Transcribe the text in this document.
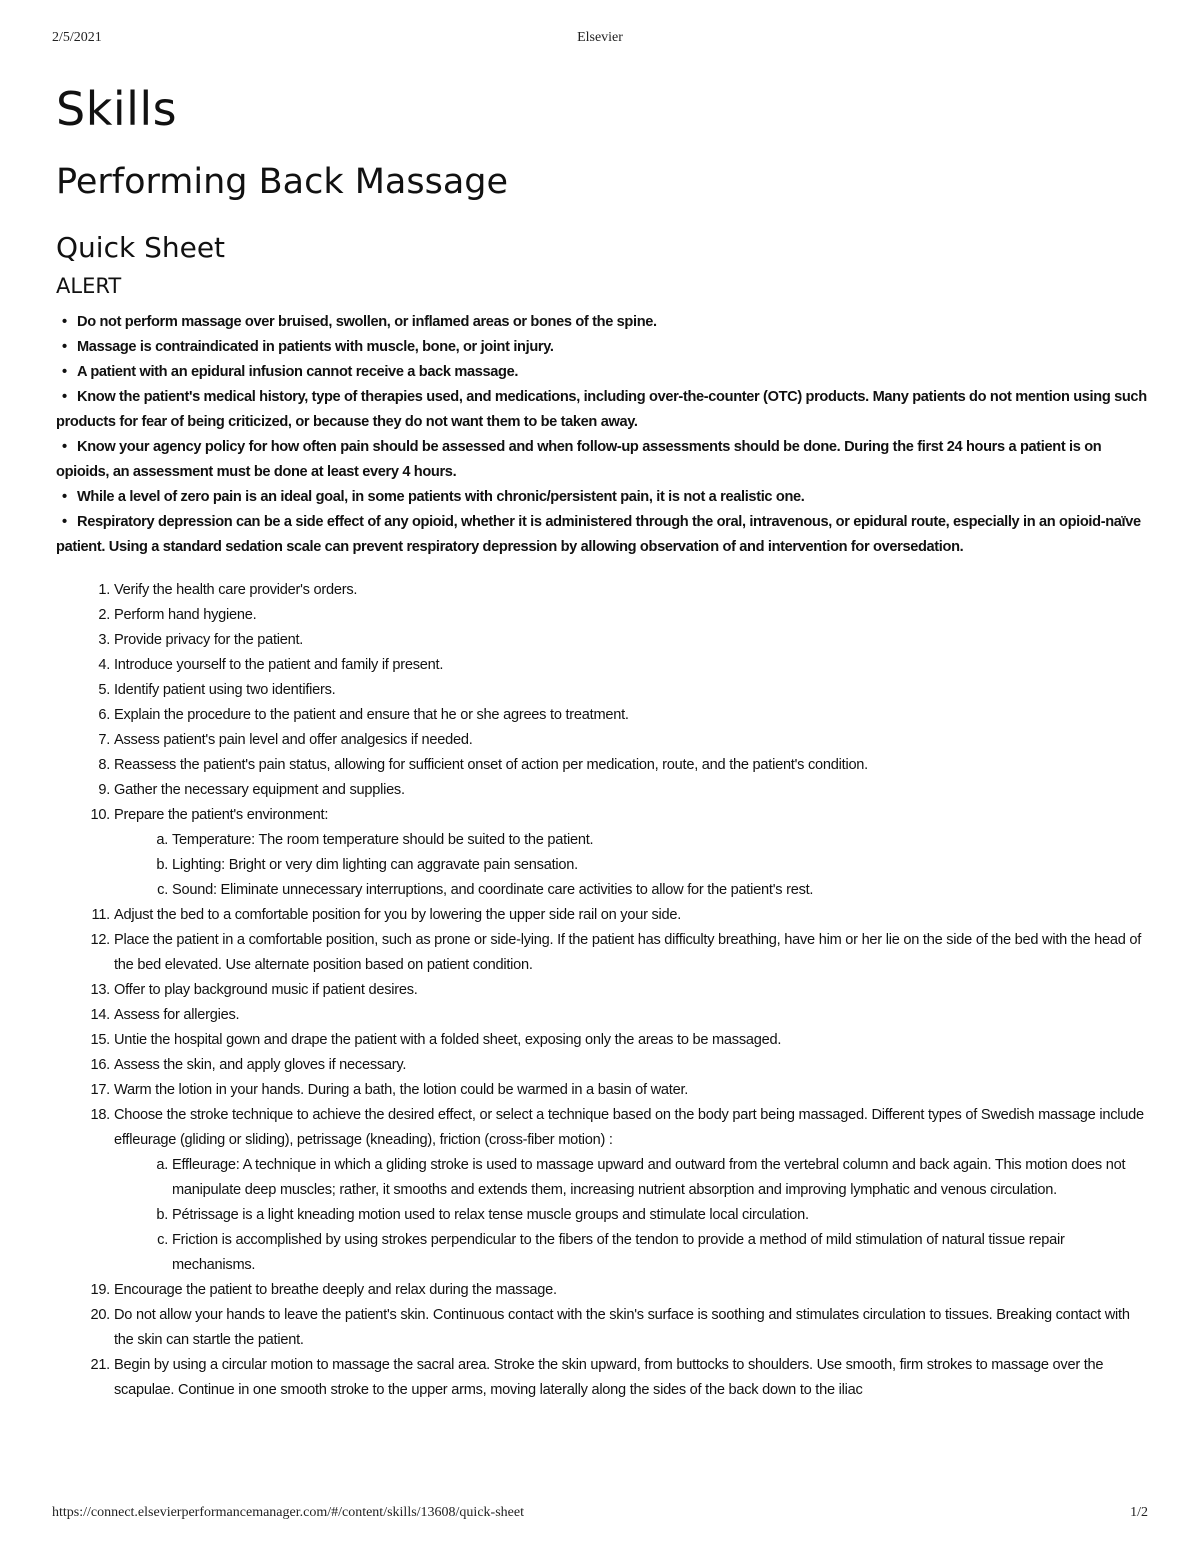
2/5/2021	Elsevier
Skills
Performing Back Massage
Quick Sheet
ALERT
• Do not perform massage over bruised, swollen, or inflamed areas or bones of the spine.
• Massage is contraindicated in patients with muscle, bone, or joint injury.
• A patient with an epidural infusion cannot receive a back massage.
• Know the patient's medical history, type of therapies used, and medications, including over-the-counter (OTC) products. Many patients do not mention using such products for fear of being criticized, or because they do not want them to be taken away.
• Know your agency policy for how often pain should be assessed and when follow-up assessments should be done. During the first 24 hours a patient is on opioids, an assessment must be done at least every 4 hours.
• While a level of zero pain is an ideal goal, in some patients with chronic/persistent pain, it is not a realistic one.
• Respiratory depression can be a side effect of any opioid, whether it is administered through the oral, intravenous, or epidural route, especially in an opioid-naïve patient. Using a standard sedation scale can prevent respiratory depression by allowing observation of and intervention for oversedation.
1. Verify the health care provider's orders.
2. Perform hand hygiene.
3. Provide privacy for the patient.
4. Introduce yourself to the patient and family if present.
5. Identify patient using two identifiers.
6. Explain the procedure to the patient and ensure that he or she agrees to treatment.
7. Assess patient's pain level and offer analgesics if needed.
8. Reassess the patient's pain status, allowing for sufficient onset of action per medication, route, and the patient's condition.
9. Gather the necessary equipment and supplies.
10. Prepare the patient's environment:
a. Temperature: The room temperature should be suited to the patient.
b. Lighting: Bright or very dim lighting can aggravate pain sensation.
c. Sound: Eliminate unnecessary interruptions, and coordinate care activities to allow for the patient's rest.
11. Adjust the bed to a comfortable position for you by lowering the upper side rail on your side.
12. Place the patient in a comfortable position, such as prone or side-lying. If the patient has difficulty breathing, have him or her lie on the side of the bed with the head of the bed elevated. Use alternate position based on patient condition.
13. Offer to play background music if patient desires.
14. Assess for allergies.
15. Untie the hospital gown and drape the patient with a folded sheet, exposing only the areas to be massaged.
16. Assess the skin, and apply gloves if necessary.
17. Warm the lotion in your hands. During a bath, the lotion could be warmed in a basin of water.
18. Choose the stroke technique to achieve the desired effect, or select a technique based on the body part being massaged. Different types of Swedish massage include effleurage (gliding or sliding), petrissage (kneading), friction (cross-fiber motion) :
a. Effleurage: A technique in which a gliding stroke is used to massage upward and outward from the vertebral column and back again. This motion does not manipulate deep muscles; rather, it smooths and extends them, increasing nutrient absorption and improving lymphatic and venous circulation.
b. Pétrissage is a light kneading motion used to relax tense muscle groups and stimulate local circulation.
c. Friction is accomplished by using strokes perpendicular to the fibers of the tendon to provide a method of mild stimulation of natural tissue repair mechanisms.
19. Encourage the patient to breathe deeply and relax during the massage.
20. Do not allow your hands to leave the patient's skin. Continuous contact with the skin's surface is soothing and stimulates circulation to tissues. Breaking contact with the skin can startle the patient.
21. Begin by using a circular motion to massage the sacral area. Stroke the skin upward, from buttocks to shoulders. Use smooth, firm strokes to massage over the scapulae. Continue in one smooth stroke to the upper arms, moving laterally along the sides of the back down to the iliac
https://connect.elsevierperformancemanager.com/#/content/skills/13608/quick-sheet	1/2
